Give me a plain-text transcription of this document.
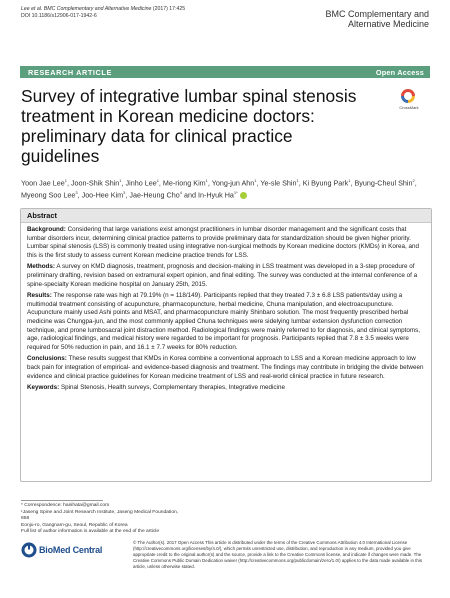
Lee et al. BMC Complementary and Alternative Medicine (2017) 17:425
DOI 10.1186/s12906-017-1942-6	BMC Complementary and
Alternative Medicine
RESEARCH ARTICLE	Open Access
Survey of integrative lumbar spinal stenosis treatment in Korean medicine doctors: preliminary data for clinical practice guidelines
CrossMark
Yoon Jae Lee$^1$, Joon-Shik Shin$^1$, Jinho Lee$^1$, Me-riong Kim$^1$, Yong-jun Ahn$^1$, Ye-sle Shin$^1$, Ki Byung Park$^1$, Byung-Cheul Shin$^2$, Myeong Soo Lee$^3$, Joo-Hee Kim$^3$, Jae-Heung Cho$^4$ and In-Hyuk $Ha^{1*}$
Abstract

Background: Considering that large variations exist amongst practitioners in lumbar disorder management and the significant costs that lumbar disorders incur, determining clinical practice patterns to provide preliminary data for standardization should be given higher priority. Lumbar spinal stenosis (LSS) is commonly treated using integrative non-surgical methods by Korean medicine doctors (KMDs) in Korea, and this is the first study to assess current Korean medicine practice trends for LSS.

Methods: A survey on KMD diagnosis, treatment, prognosis and decision-making in LSS treatment was developed in a 3-step procedure of preliminary drafting, revision based on extramural expert opinion, and final editing. The survey was conducted at the internal conference of a spine-specialty Korean medicine hospital on January 25th, 2015.

Results: The response rate was high at 79.19% (n = 118/149). Participants replied that they treated 7.3 ± 6.8 LSS patients/day using a multimodal treatment consisting of acupuncture, pharmacopuncture, herbal medicine, Chuna manipulation, and electroacupuncture. Acupuncture mainly used Ashi points and MSAT, and pharmacopuncture mainly Shinbaro solution. The most frequently prescribed herbal medicine was Chungpa-jun, and the most commonly applied Chuna techniques were sidelying lumbar extension dysfunction correction technique, and prone lumbosacral joint distraction method. Radiological findings were mainly referred to for diagnosis, and clinical symptoms, age, radiological findings, and medical history were regarded to be important for prognosis. Participants replied that 7.8 ± 3.5 weeks were required for 50% reduction in pain, and 16.1 ± 7.7 weeks for 80% reduction.

Conclusions: These results suggest that KMDs in Korea combine a conventional approach to LSS and a Korean medicine approach to low back pain for integration of empirical- and evidence-based diagnosis and treatment. The findings may contribute in bridging the divide between evidence and clinical practice guidelines for Korean medicine treatment of LSS and real-world clinical practice in future research.

Keywords: Spinal Stenosis, Health surveys, Complementary therapies, Integrative medicine

* Correspondence: hanihata@gmail.com
¹Jaseng Spine and Joint Research Institute, Jaseng Medical Foundation, 858
Eonju-ro, Gangnam-gu, Seoul, Republic of Korea
Full list of author information is available at the end of the article
BioMed Central
© The Author(s). 2017 Open Access This article is distributed under the terms of the Creative Commons Attribution 4.0 International License (http://creativecommons.org/licenses/by/4.0/), which permits unrestricted use, distribution, and reproduction in any medium, provided you give appropriate credit to the original author(s) and the source, provide a link to the Creative Commons license, and indicate if changes were made. The Creative Commons Public Domain Dedication waiver (http://creativecommons.org/publicdomain/zero/1.0/) applies to the data made available in this article, unless otherwise stated.
